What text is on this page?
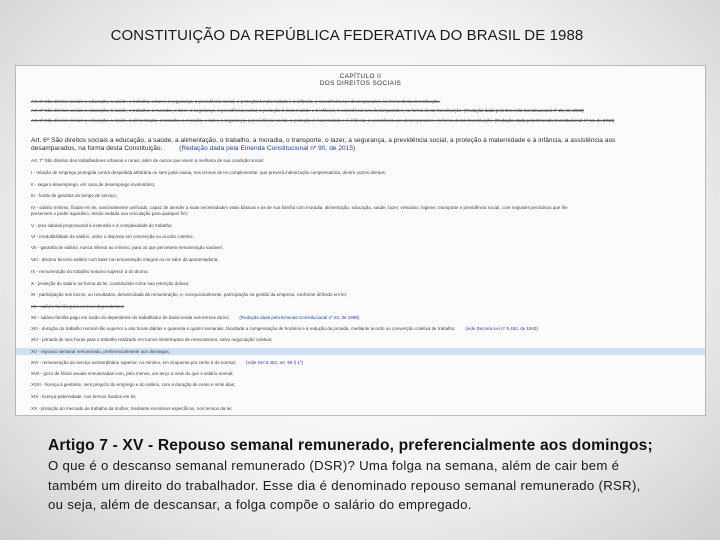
CONSTITUIÇÃO DA REPÚBLICA FEDERATIVA DO BRASIL DE 1988
CAPÍTULO II
DOS DIREITOS SOCIAIS
Art. 6º São direitos sociais a educação, a saúde, o trabalho, o lazer, a segurança, a previdência social, a proteção à maternidade e à infância, a assistência aos desamparados, na forma desta Constituição.
Art. 6º São direitos sociais a educação, a saúde, o trabalho, a moradia, o lazer, a segurança, a previdência social, a proteção à maternidade e à infância, a assistência aos desamparados, na forma desta Constituição. (Redação dada pela Emenda Constitucional nº 26, de 2000)
Art. 6º São direitos sociais a educação, a saúde, a alimentação, o trabalho, a moradia, o lazer, a segurança, a previdência social, a proteção à maternidade e à infância, a assistência aos desamparados, na forma desta Constituição. (Redação dada pela Emenda Constitucional nº 64, de 2010)
Art. 6º São direitos sociais a educação, a saúde, a alimentação, o trabalho, a moradia, o transporte, o lazer, a segurança, a previdência social, a proteção à maternidade e à infância, a assistência aos
desamparados, na forma desta Constituição.	(Redação dada pela Emenda Constitucional nº 90, de 2015)
Art. 7º São direitos dos trabalhadores urbanos e rurais, além de outros que visem à melhoria de sua condição social:
I - relação de emprego protegida contra despedida arbitrária ou sem justa causa, nos termos de lei complementar, que preverá indenização compensatória, dentre outros direitos;
II - seguro-desemprego, em caso de desemprego involuntário;
III - fundo de garantia do tempo de serviço;
IV - salário mínimo, fixado em lei, nacionalmente unificado, capaz de atender a suas necessidades vitais básicas e às de sua família com moradia, alimentação, educação, saúde, lazer, vestuário, higiene, transporte e previdência social, com reajustes periódicos que lhe
preservem o poder aquisitivo, sendo vedada sua vinculação para qualquer fim;
V - piso salarial proporcional à extensão e à complexidade do trabalho;
VI - irredutibilidade do salário, salvo o disposto em convenção ou acordo coletivo;
VII - garantia de salário, nunca inferior ao mínimo, para os que percebem remuneração variável;
VIII - décimo terceiro salário com base na remuneração integral ou no valor da aposentadoria;
IX - remuneração do trabalho noturno superior à do diurno;
X - proteção do salário na forma da lei, constituindo crime sua retenção dolosa;
XI - participação nos lucros, ou resultados, desvinculada da remuneração, e, excepcionalmente, participação na gestão da empresa, conforme definido em lei;
XII - salário-família para os seus dependentes;
XII - salário-família pago em razão do dependente do trabalhador de baixa renda nos termos da lei; (Redação dada pela Emenda Constitucional nº 20, de 1998)
XIII - duração do trabalho normal não superior a oito horas diárias e quarenta e quatro semanais, facultada a compensação de horários e a redução da jornada, mediante acordo ou convenção coletiva de trabalho; (vide Decreto-Lei nº 5.452, de 1943)
XIV - jornada de seis horas para o trabalho realizado em turnos ininterruptos de revezamento, salvo negociação coletiva;
XV - repouso semanal remunerado, preferencialmente aos domingos;
XVI - remuneração do serviço extraordinário superior, no mínimo, em cinquenta por cento à do normal; (Vide Del 5.452, art. 59 § 1º)
XVII - gozo de férias anuais remuneradas com, pelo menos, um terço a mais do que o salário normal;
XVIII - licença à gestante, sem prejuízo do emprego e do salário, com a duração de cento e vinte dias;
XIX - licença-paternidade, nos termos fixados em lei;
XX - proteção do mercado de trabalho da mulher, mediante incentivos específicos, nos termos da lei;
Artigo 7 - XV - Repouso semanal remunerado, preferencialmente aos domingos;
O que é o descanso semanal remunerado (DSR)? Uma folga na semana, além de cair bem é
também um direito do trabalhador. Esse dia é denominado repouso semanal remunerado (RSR),
ou seja, além de descansar, a folga compõe o salário do empregado.
